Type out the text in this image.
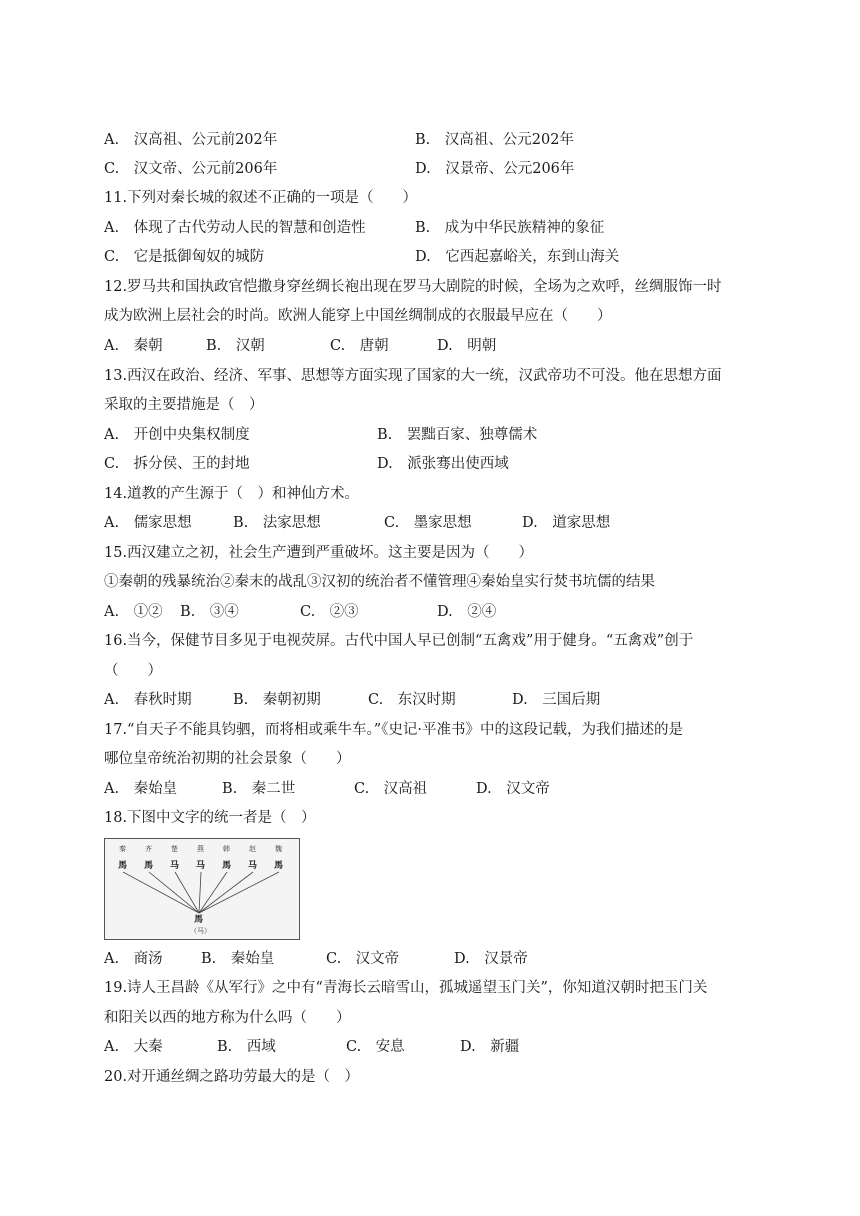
A.　汉高祖、公元前202年	B.　汉高祖、公元202年
C.　汉文帝、公元前206年	D.　汉景帝、公元206年
11.下列对秦长城的叙述不正确的一项是（　　）
A.　体现了古代劳动人民的智慧和创造性	B.　成为中华民族精神的象征
C.　它是抵御匈奴的城防	D.　它西起嘉峪关，东到山海关
12.罗马共和国执政官恺撒身穿丝绸长袍出现在罗马大剧院的时候，全场为之欢呼，丝绸服饰一时
成为欧洲上层社会的时尚。欧洲人能穿上中国丝绸制成的衣服最早应在（　　）
A.　秦朝	B.　汉朝	C.　唐朝	D.　明朝
13.西汉在政治、经济、军事、思想等方面实现了国家的大一统，汉武帝功不可没。他在思想方面
采取的主要措施是（　）
A.　开创中央集权制度	B.　罢黜百家、独尊儒术
C.　拆分侯、王的封地	D.　派张骞出使西域
14.道教的产生源于（　）和神仙方术。
A.　儒家思想	B.　法家思想	C.　墨家思想	D.　道家思想
15.西汉建立之初，社会生产遭到严重破坏。这主要是因为（　　）
①秦朝的残暴统治②秦末的战乱③汉初的统治者不懂管理④秦始皇实行焚书坑儒的结果
A.　①② B.　③④	C.　②③	D.　②④
16.当今，保健节目多见于电视荧屏。古代中国人早已创制“五禽戏”用于健身。“五禽戏”创于
（　　）
A.　春秋时期	B.　秦朝初期	C.　东汉时期	D.　三国后期
17.“自天子不能具钧驷，而将相或乘牛车。”《史记·平准书》中的这段记载，为我们描述的是
哪位皇帝统治初期的社会景象（　　）
A.　秦始皇	B.　秦二世	C.　汉高祖	D.　汉文帝
18.下图中文字的统一者是（　）
秦	齐	楚	燕	韩	赵	魏
馬 馬 ⻢ ⻢ 馬 马 馬
馬
（马）
A.　商汤	B.　秦始皇	C.　汉文帝	D.　汉景帝
19.诗人王昌龄《从军行》之中有“青海长云暗雪山，孤城遥望玉门关”，你知道汉朝时把玉门关
和阳关以西的地方称为什么吗（　　）
A.　大秦	B.　西域	C.　安息	D.　新疆
20.对开通丝绸之路功劳最大的是（　）
